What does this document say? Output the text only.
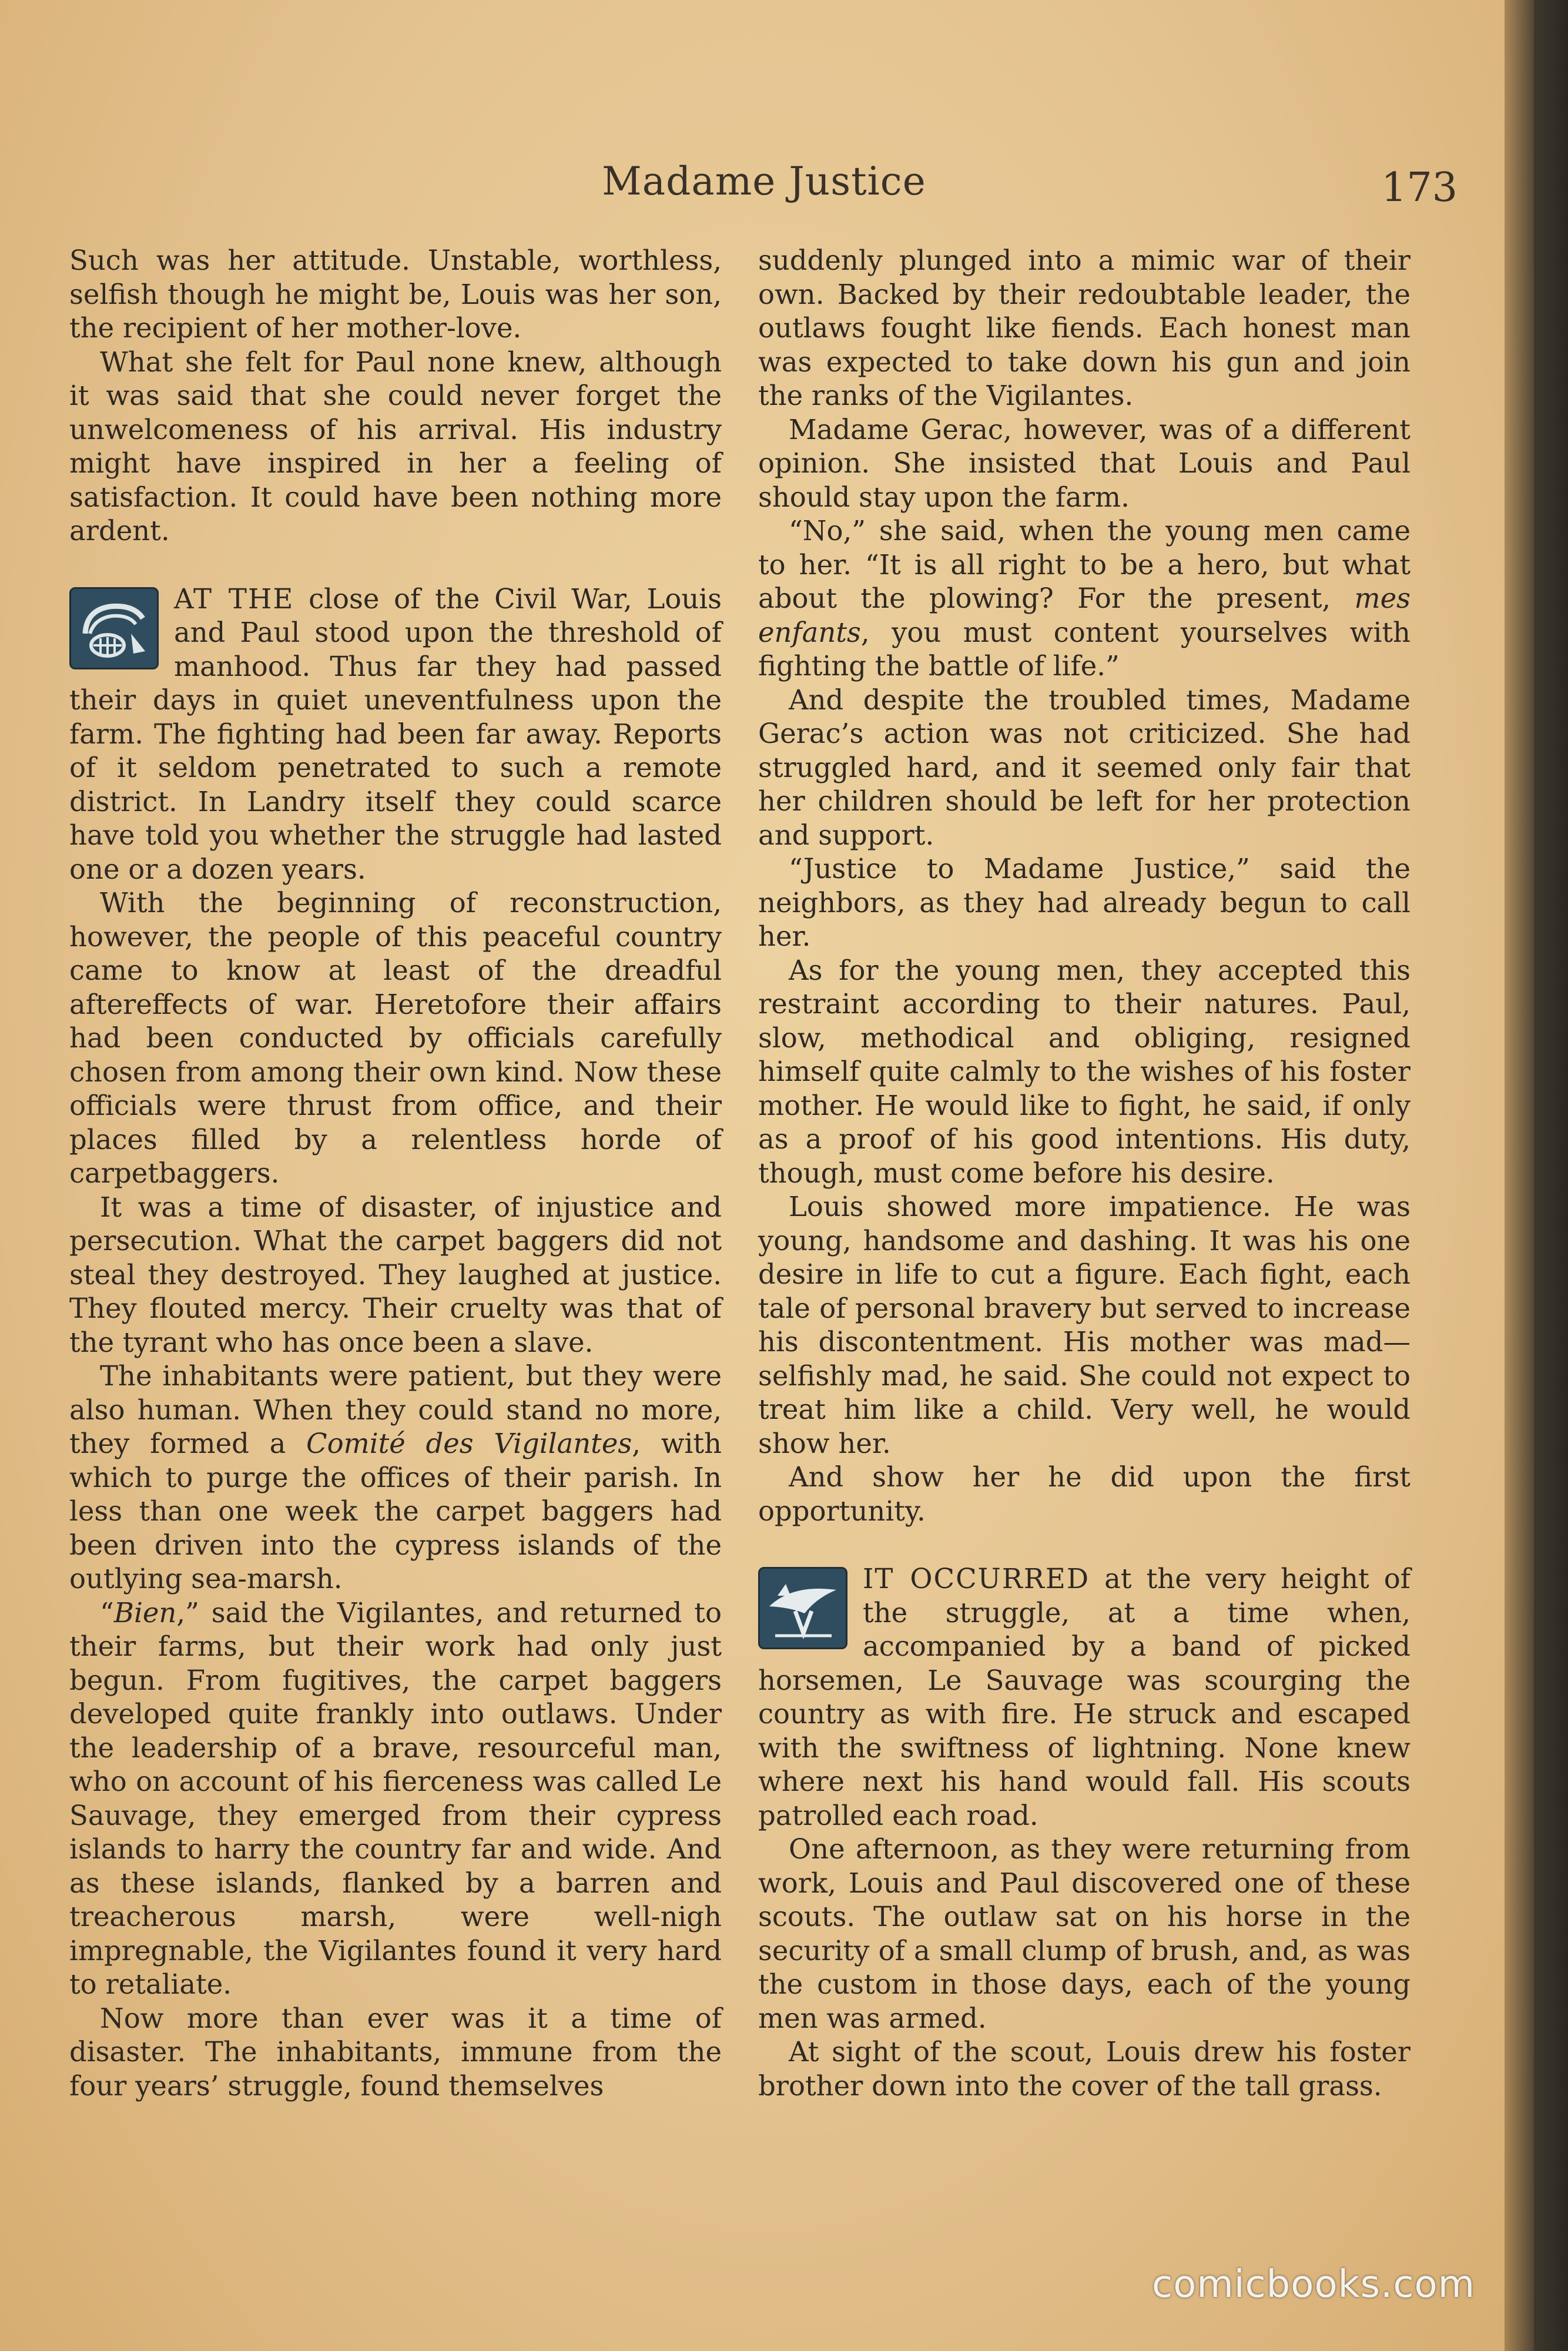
Madame Justice	173

Such was her attitude. Unstable, worthless, selfish though he might be, Louis was her son, the recipient of her mother-love.

What she felt for Paul none knew, although it was said that she could never forget the unwelcomeness of his arrival. His industry might have inspired in her a feeling of satisfaction. It could have been nothing more ardent.

AT THE close of the Civil War, Louis and Paul stood upon the threshold of manhood. Thus far they had passed their days in quiet uneventfulness upon the farm. The fighting had been far away. Reports of it seldom penetrated to such a remote district. In Landry itself they could scarce have told you whether the struggle had lasted one or a dozen years.

With the beginning of reconstruction, however, the people of this peaceful country came to know at least of the dreadful aftereffects of war. Heretofore their affairs had been conducted by officials carefully chosen from among their own kind. Now these officials were thrust from office, and their places filled by a relentless horde of carpetbaggers.

It was a time of disaster, of injustice and persecution. What the carpet baggers did not steal they destroyed. They laughed at justice. They flouted mercy. Their cruelty was that of the tyrant who has once been a slave.

The inhabitants were patient, but they were also human. When they could stand no more, they formed a Comité des Vigilantes, with which to purge the offices of their parish. In less than one week the carpet baggers had been driven into the cypress islands of the outlying sea-marsh.

“Bien,” said the Vigilantes, and returned to their farms, but their work had only just begun. From fugitives, the carpet baggers developed quite frankly into outlaws. Under the leadership of a brave, resourceful man, who on account of his fierceness was called Le Sauvage, they emerged from their cypress islands to harry the country far and wide. And as these islands, flanked by a barren and treacherous marsh, were well-nigh impregnable, the Vigilantes found it very hard to retaliate.

Now more than ever was it a time of disaster. The inhabitants, immune from the four years’ struggle, found themselves

suddenly plunged into a mimic war of their own. Backed by their redoubtable leader, the outlaws fought like fiends. Each honest man was expected to take down his gun and join the ranks of the Vigilantes.

Madame Gerac, however, was of a different opinion. She insisted that Louis and Paul should stay upon the farm.

“No,” she said, when the young men came to her. “It is all right to be a hero, but what about the plowing? For the present, mes enfants, you must content yourselves with fighting the battle of life.”

And despite the troubled times, Madame Gerac’s action was not criticized. She had struggled hard, and it seemed only fair that her children should be left for her protection and support.

“Justice to Madame Justice,” said the neighbors, as they had already begun to call her.

As for the young men, they accepted this restraint according to their natures. Paul, slow, methodical and obliging, resigned himself quite calmly to the wishes of his foster mother. He would like to fight, he said, if only as a proof of his good intentions. His duty, though, must come before his desire.

Louis showed more impatience. He was young, handsome and dashing. It was his one desire in life to cut a figure. Each fight, each tale of personal bravery but served to increase his discontentment. His mother was mad—selfishly mad, he said. She could not expect to treat him like a child. Very well, he would show her.

And show her he did upon the first opportunity.

IT OCCURRED at the very height of the struggle, at a time when, accompanied by a band of picked horsemen, Le Sauvage was scourging the country as with fire. He struck and escaped with the swiftness of lightning. None knew where next his hand would fall. His scouts patrolled each road.

One afternoon, as they were returning from work, Louis and Paul discovered one of these scouts. The outlaw sat on his horse in the security of a small clump of brush, and, as was the custom in those days, each of the young men was armed.

At sight of the scout, Louis drew his foster brother down into the cover of the tall grass.

comicbooks.com
